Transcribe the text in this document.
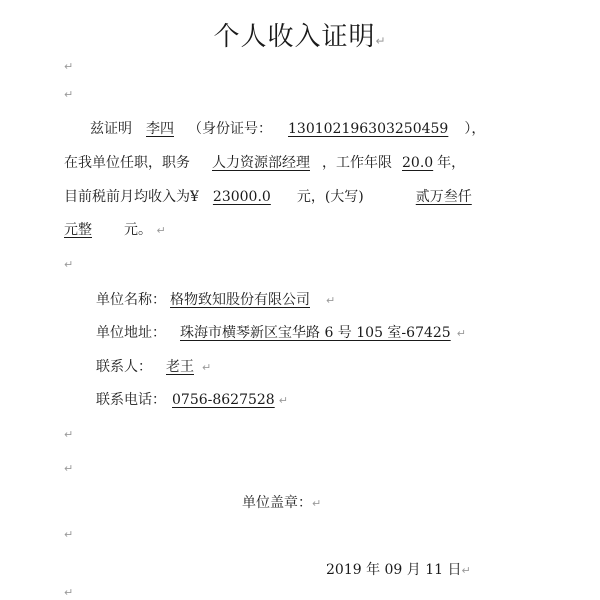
个人收入证明↵
↵
↵
兹证明 李四 （身份证号： 130102196303250459 ），
在我单位任职，职务 人力资源部经理 ，工作年限 20.0 年，
目前税前月均收入为¥ 23000.0 元，(大写)	贰万叁仟
元整 元。 ↵
↵
单位名称： 格物致知股份有限公司 ↵
单位地址： 珠海市横琴新区宝华路 6 号 105 室-67425 ↵
联系人： 老王 ↵
联系电话： 0756-8627528 ↵
↵
↵
单位盖章：↵
↵
2019 年 09 月 11 日↵
↵
